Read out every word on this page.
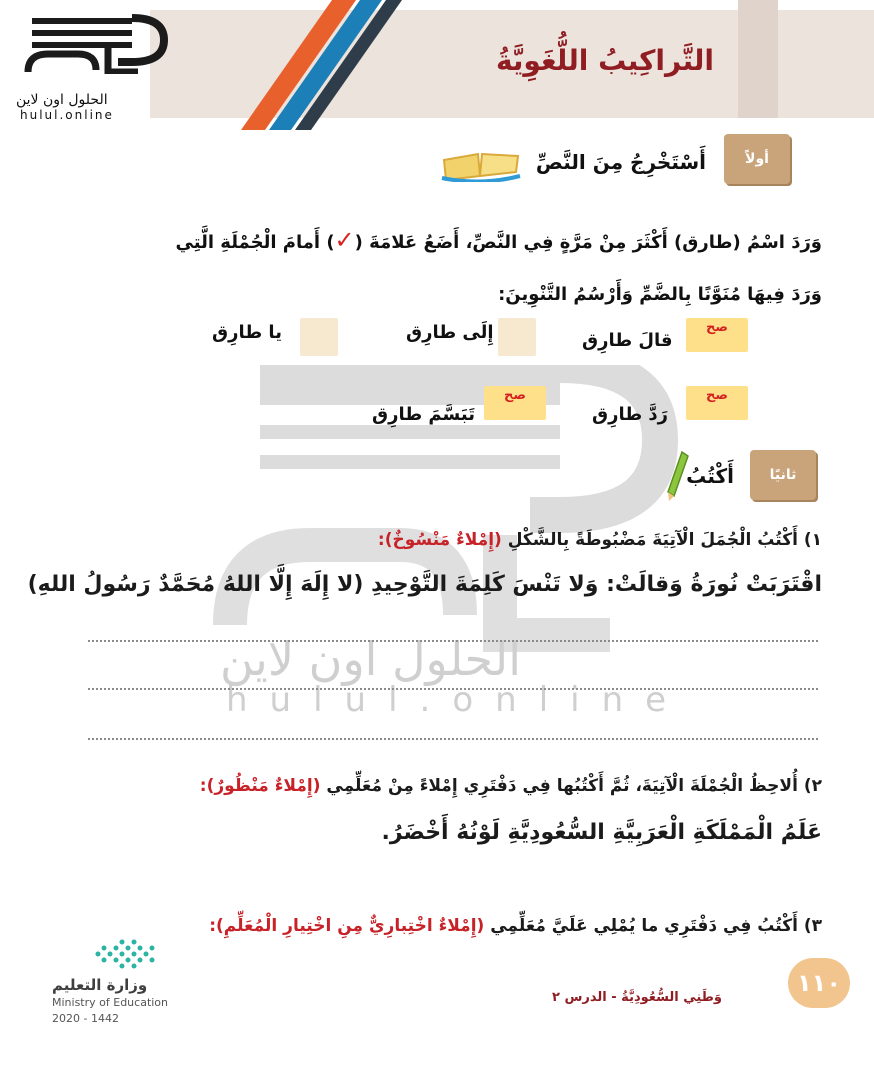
التَّراكِيبُ اللُّغَوِيَّةُ
الحلول اون لاين
hulul.online
الحلول اون لاين
hulul.online
أولاً
أَسْتَخْرِجُ مِنَ النَّصِّ
وَرَدَ اسْمُ (طارق) أَكْثَرَ مِنْ مَرَّةٍ فِي النَّصِّ، أَضَعُ عَلامَةَ (✓) أَمامَ الْجُمْلَةِ الَّتِي
وَرَدَ فِيهَا مُنَوَّنًا بِالضَّمِّ وَأَرْسُمُ التَّنْوِينَ:
صح
قالَ طارِق
إِلَى طارِق
يا طارِق
صح
رَدَّ طارِق
صح
تَبَسَّمَ طارِق
ثانيًا
أَكْتُبُ
١) أَكْتُبُ الْجُمَلَ الْآتِيَةَ مَضْبُوطَةً بِالشَّكْلِ (إِمْلاءٌ مَنْسُوخٌ):
اقْتَرَبَتْ نُورَةُ وَقالَتْ: وَلا تَنْسَ كَلِمَةَ التَّوْحِيدِ (لا إِلَهَ إِلَّا اللهُ مُحَمَّدٌ رَسُولُ اللهِ)
٢) أُلاحِظُ الْجُمْلَةَ الْآتِيَةَ، ثُمَّ أَكْتُبُها فِي دَفْتَرِي إِمْلاءً مِنْ مُعَلِّمِي (إِمْلاءٌ مَنْظُورٌ):
عَلَمُ الْمَمْلَكَةِ الْعَرَبِيَّةِ السُّعُودِيَّةِ لَوْنُهُ أَخْضَرُ.
٣) أَكْتُبُ فِي دَفْتَرِي ما يُمْلِي عَلَيَّ مُعَلِّمِي (إِمْلاءٌ اخْتِبارِيٌّ مِنِ اخْتِيارِ الْمُعَلِّمِ):
وزارة التعليم
Ministry of Education
2020 - 1442
وَطَنِي السُّعُودِيَّةُ - الدرس ٢
١١٠
